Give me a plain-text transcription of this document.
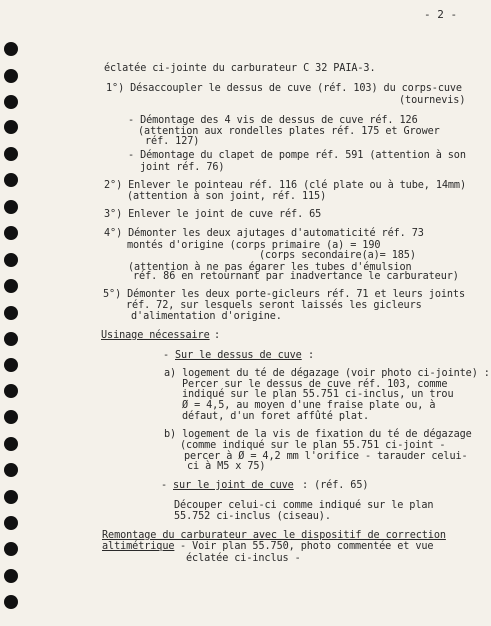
- 2 -
éclatée ci-jointe du carburateur C 32 PAIA-3.
1°) Désaccoupler le dessus de cuve (réf. 103) du corps-cuve
(tournevis)
- Démontage des 4 vis de dessus de cuve réf. 126
(attention aux rondelles plates réf. 175 et Grower
réf. 127)
- Démontage du clapet de pompe réf. 591 (attention à son
joint réf. 76)
2°) Enlever le pointeau réf. 116 (clé plate ou à tube, 14mm)
(attention à son joint, réf. 115)
3°) Enlever le joint de cuve réf. 65
4°) Démonter les deux ajutages d'automaticité réf. 73
montés d'origine (corps primaire (a) = 190
(corps secondaire(a)= 185)
(attention à ne pas égarer les tubes d'émulsion
réf. 86 en retournant par inadvertance le carburateur)
5°) Démonter les deux porte-gicleurs réf. 71 et leurs joints
réf. 72, sur lesquels seront laissés les gicleurs
d'alimentation d'origine.
Usinage nécessaire
:
- Sur le dessus de cuve :
a) logement du té de dégazage (voir photo ci-jointe) :
Percer sur le dessus de cuve réf. 103, comme
indiqué sur le plan 55.751 ci-inclus, un trou
Ø = 4,5, au moyen d'une fraise plate ou, à
défaut, d'un foret affûté plat.
b) logement de la vis de fixation du té de dégazage
(comme indiqué sur le plan 55.751 ci-joint -
percer à Ø = 4,2 mm l'orifice - tarauder celui-
ci à M5 x 75)
- sur le joint de cuve : (réf. 65)
Découper celui-ci comme indiqué sur le plan
55.752 ci-inclus (ciseau).
Remontage du carburateur avec le dispositif de correction
altimétrique - Voir plan 55.750, photo commentée et vue
éclatée ci-inclus -
